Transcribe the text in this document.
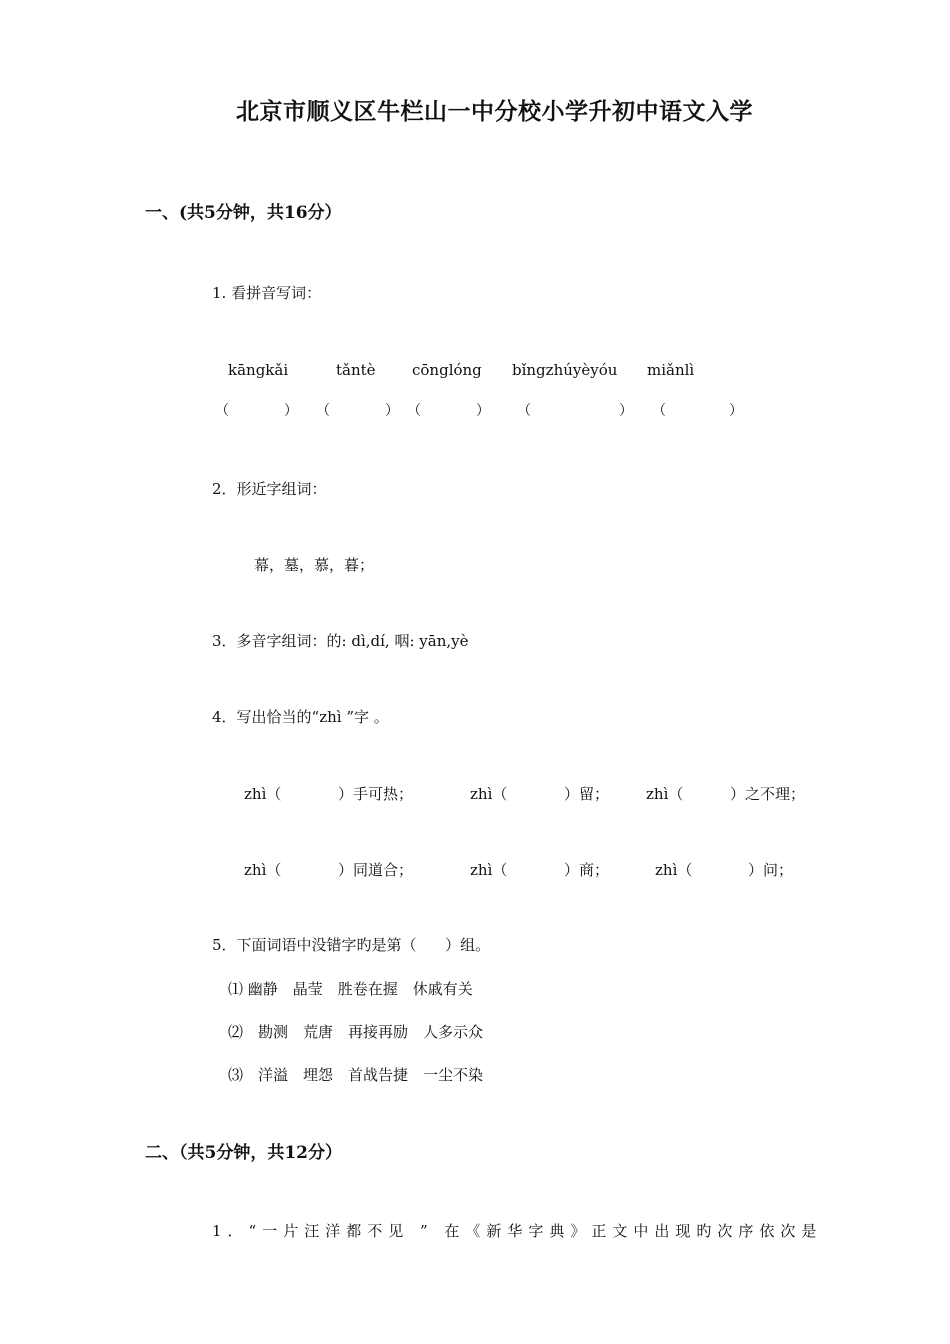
北京市顺义区牛栏山一中分校小学升初中语文入学
一、(共5分钟，共16分）
1. 看拼音写词：
kāngkǎi	tǎntè cōnglóng bǐngzhúyèyóu miǎnlì
（	） （	） （	） （	） （	）
2．形近字组词：
幕，墓，慕，暮；
3．多音字组词：的: dì,dí, 咽: yān,yè
4．写出恰当的“zhì ”字 。
zhì（	）手可热；	zhì（	）留； zhì（	）之不理；
zhì（	）同道合；	zhì（	）商；	zhì（	）问；
5．下面词语中没错字旳是第（      ）组。
⑴ 幽静　晶莹　胜卷在握　休戚有关
⑵　勘测　荒唐　再接再励　人多示众
⑶　洋溢　埋怨　首战告捷　一尘不染
二、（共5分钟，共12分）
1．“一片汪洋都不见 ” 在《新华字典》正文中出现旳次序依次是
